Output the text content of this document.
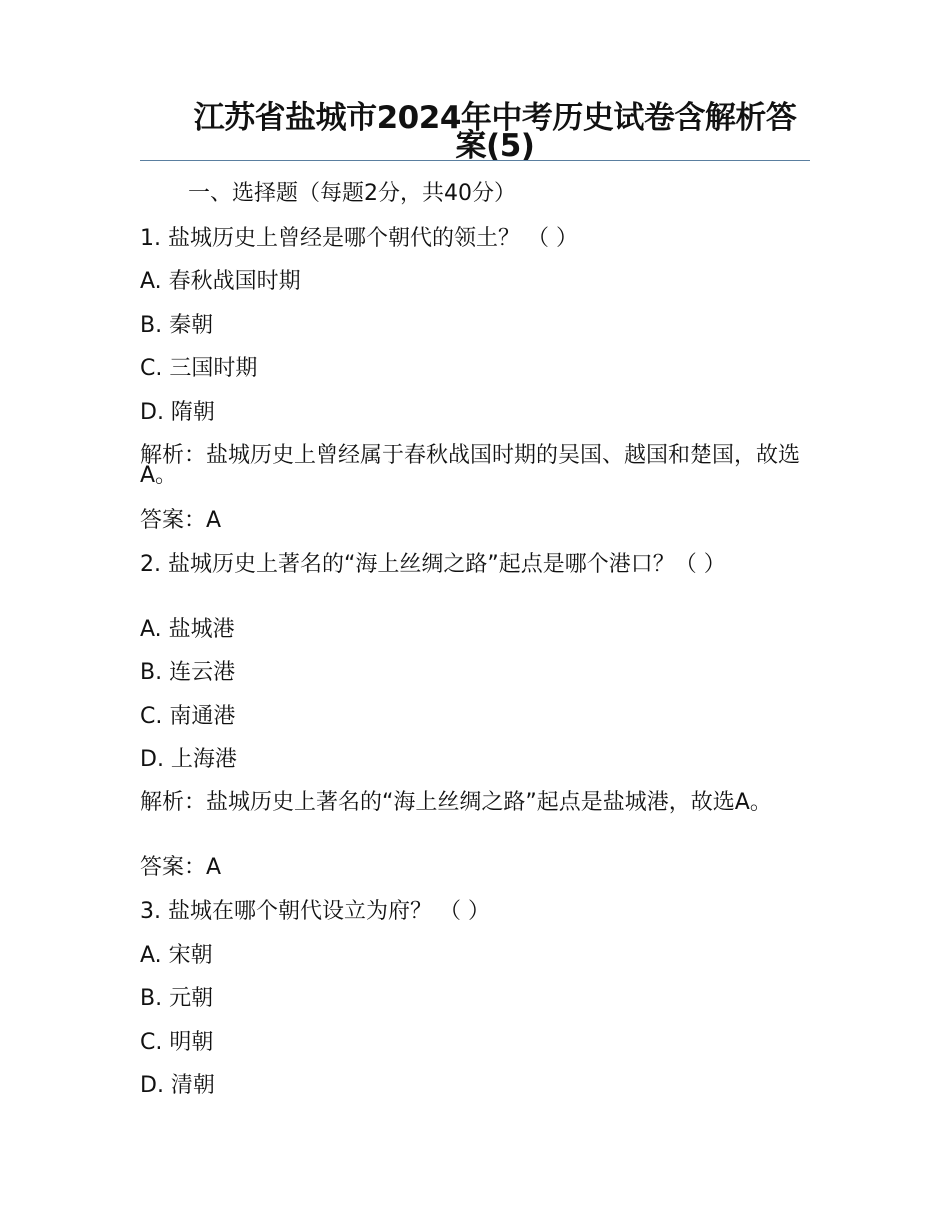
江苏省盐城市2024年中考历史试卷含解析答案(5)
一、选择题（每题2分，共40分）
1. 盐城历史上曾经是哪个朝代的领土？ （ ）
A. 春秋战国时期
B. 秦朝
C. 三国时期
D. 隋朝
解析：盐城历史上曾经属于春秋战国时期的吴国、越国和楚国，故选A。
答案：A
2. 盐城历史上著名的“海上丝绸之路”起点是哪个港口？（ ）
A. 盐城港
B. 连云港
C. 南通港
D. 上海港
解析：盐城历史上著名的“海上丝绸之路”起点是盐城港，故选A。
答案：A
3. 盐城在哪个朝代设立为府？ （ ）
A. 宋朝
B. 元朝
C. 明朝
D. 清朝
